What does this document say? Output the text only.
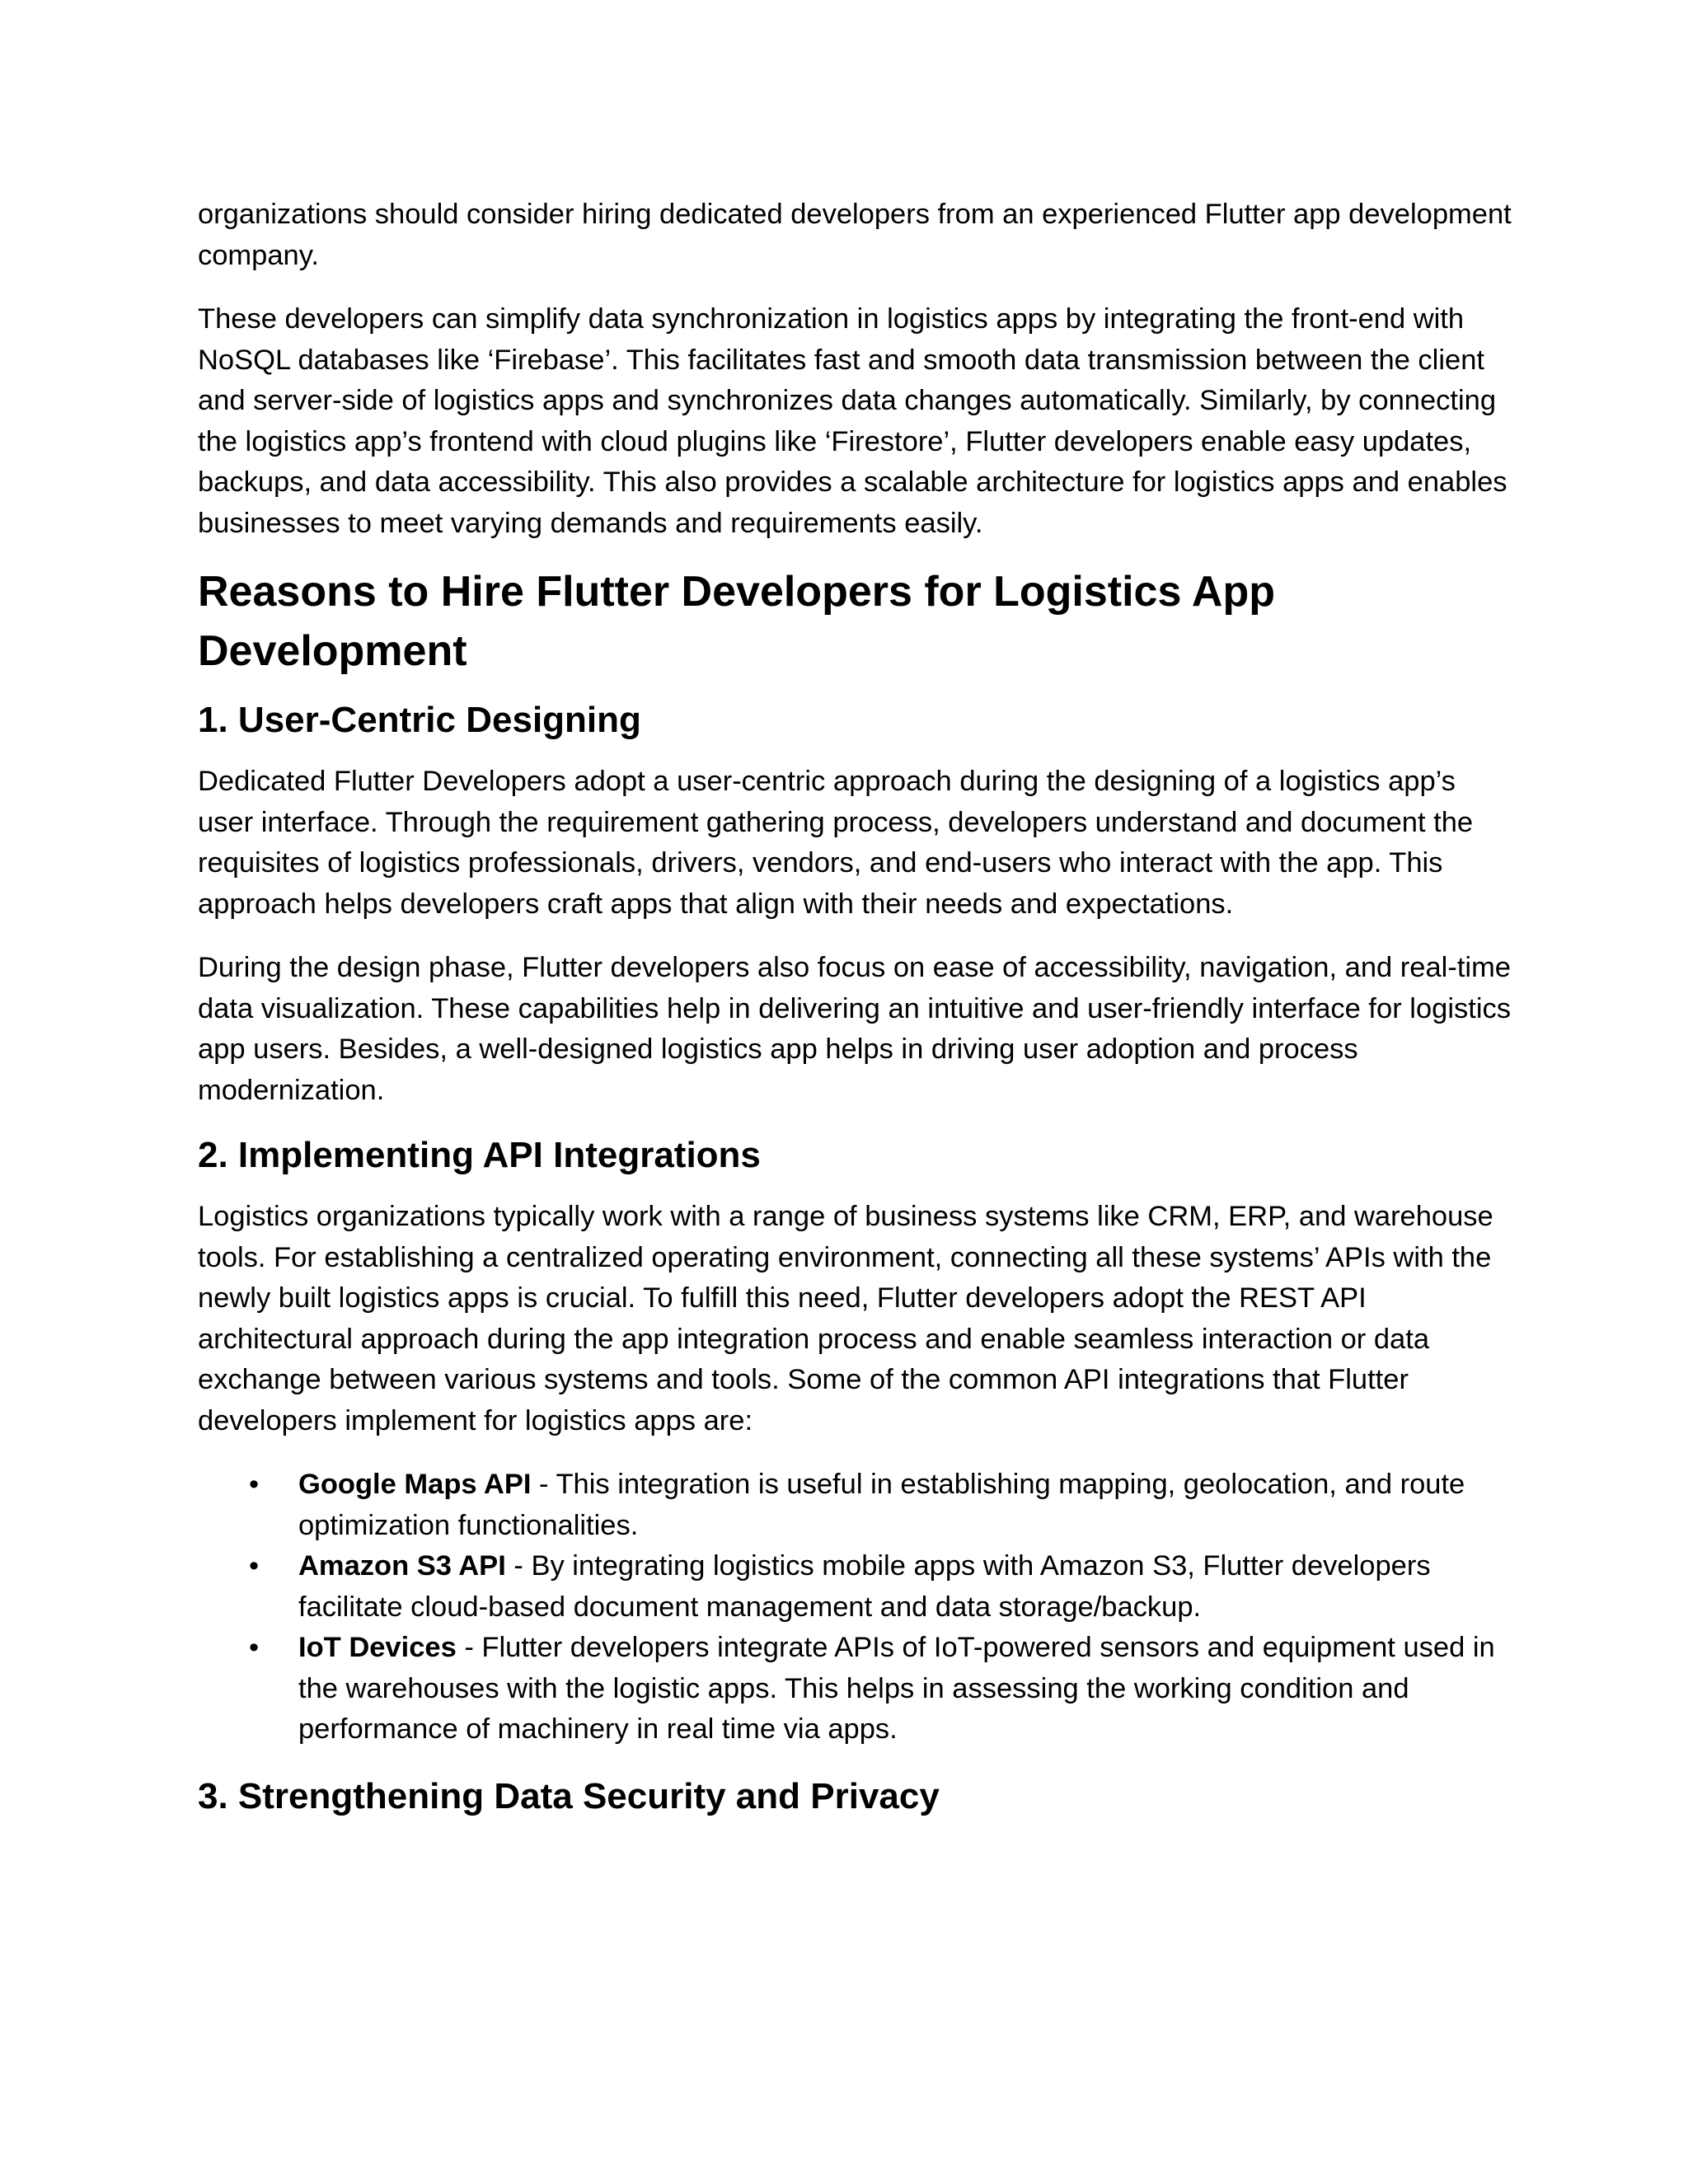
organizations should consider hiring dedicated developers from an experienced Flutter app development company.

These developers can simplify data synchronization in logistics apps by integrating the front-end with NoSQL databases like ‘Firebase’. This facilitates fast and smooth data transmission between the client and server-side of logistics apps and synchronizes data changes automatically. Similarly, by connecting the logistics app’s frontend with cloud plugins like ‘Firestore’, Flutter developers enable easy updates, backups, and data accessibility. This also provides a scalable architecture for logistics apps and enables businesses to meet varying demands and requirements easily.

Reasons to Hire Flutter Developers for Logistics App Development
1. User-Centric Designing

Dedicated Flutter Developers adopt a user-centric approach during the designing of a logistics app’s user interface. Through the requirement gathering process, developers understand and document the requisites of logistics professionals, drivers, vendors, and end-users who interact with the app. This approach helps developers craft apps that align with their needs and expectations.

During the design phase, Flutter developers also focus on ease of accessibility, navigation, and real-time data visualization. These capabilities help in delivering an intuitive and user-friendly interface for logistics app users. Besides, a well-designed logistics app helps in driving user adoption and process modernization.

2. Implementing API Integrations

Logistics organizations typically work with a range of business systems like CRM, ERP, and warehouse tools. For establishing a centralized operating environment, connecting all these systems’ APIs with the newly built logistics apps is crucial. To fulfill this need, Flutter developers adopt the REST API architectural approach during the app integration process and enable seamless interaction or data exchange between various systems and tools. Some of the common API integrations that Flutter developers implement for logistics apps are:

• Google Maps API - This integration is useful in establishing mapping, geolocation, and route optimization functionalities.
• Amazon S3 API - By integrating logistics mobile apps with Amazon S3, Flutter developers facilitate cloud-based document management and data storage/backup.
• IoT Devices - Flutter developers integrate APIs of IoT-powered sensors and equipment used in the warehouses with the logistic apps. This helps in assessing the working condition and performance of machinery in real time via apps.
3. Strengthening Data Security and Privacy
